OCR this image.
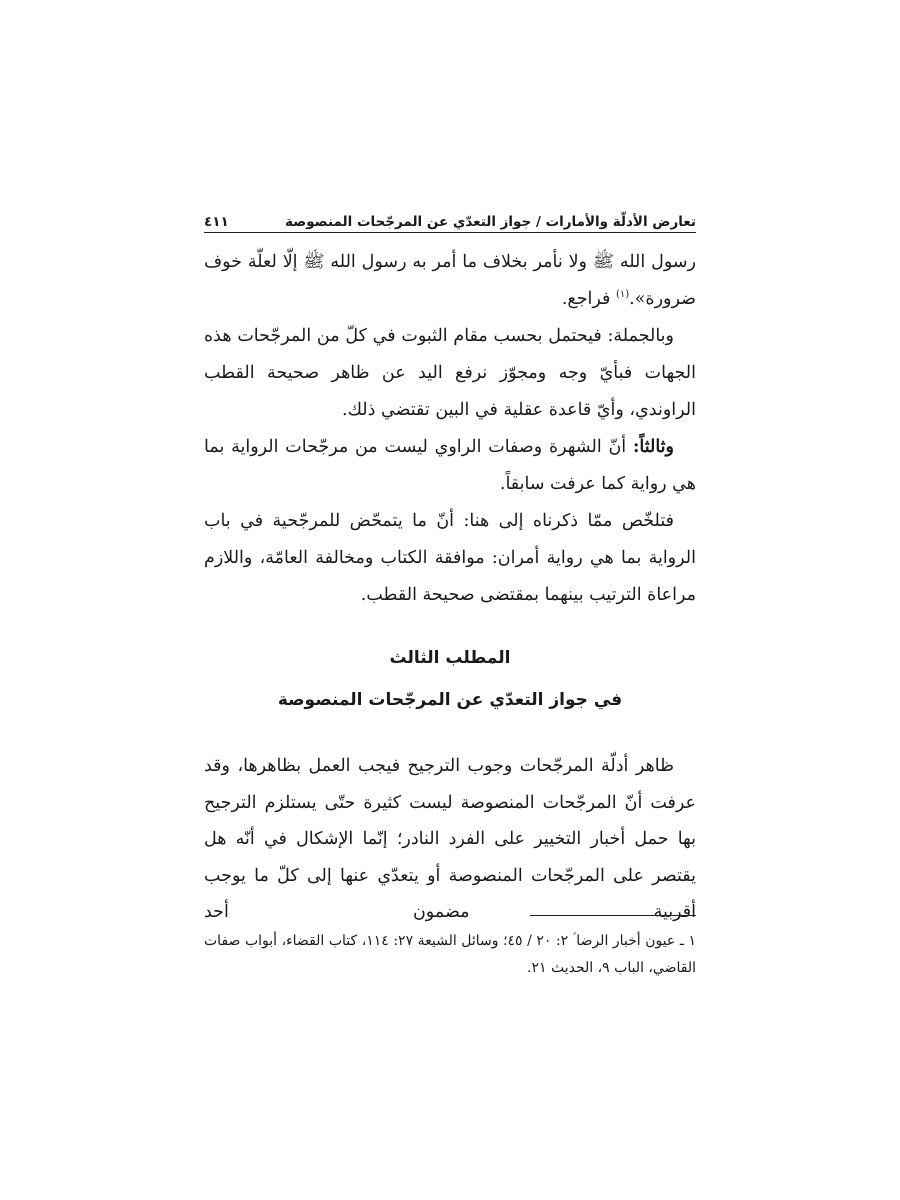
تعارض الأدلّة والأمارات / جواز التعدّي عن المرجّحات المنصوصة
٤١١

رسول الله ﷺ ولا نأمر بخلاف ما أمر به رسول الله ﷺ إلّا لعلّة خوف ضرورة».$^{(١)}$ فراجع.

وبالجملة: فيحتمل بحسب مقام الثبوت في كلّ من المرجّحات هذه الجهات فبأيّ وجه ومجوّز نرفع اليد عن ظاهر صحيحة القطب الراوندي، وأيّ قاعدة عقلية في البين تقتضي ذلك.

وثالثاً: أنّ الشهرة وصفات الراوي ليست من مرجّحات الرواية بما هي رواية كما عرفت سابقاً.

فتلخّص ممّا ذكرناه إلى هنا: أنّ ما يتمحّض للمرجّحية في باب الرواية بما هي رواية أمران: موافقة الكتاب ومخالفة العامّة، واللازم مراعاة الترتيب بينهما بمقتضى صحيحة القطب.

المطلب الثالث
في جواز التعدّي عن المرجّحات المنصوصة

ظاهر أدلّة المرجّحات وجوب الترجيح فيجب العمل بظاهرها، وقد عرفت أنّ المرجّحات المنصوصة ليست كثيرة حتّى يستلزم الترجيح بها حمل أخبار التخيير على الفرد النادر؛ إنّما الإشكال في أنّه هل يقتصر على المرجّحات المنصوصة أو يتعدّي عنها إلى كلّ ما يوجب أقربية مضمون أحد

١ ـ عيون أخبار الرضا ؑ ٢: ٢٠ / ٤٥؛ وسائل الشيعة ٢٧: ١١٤، كتاب القضاء، أبواب صفات القاضي، الباب ٩، الحديث ٢١.
